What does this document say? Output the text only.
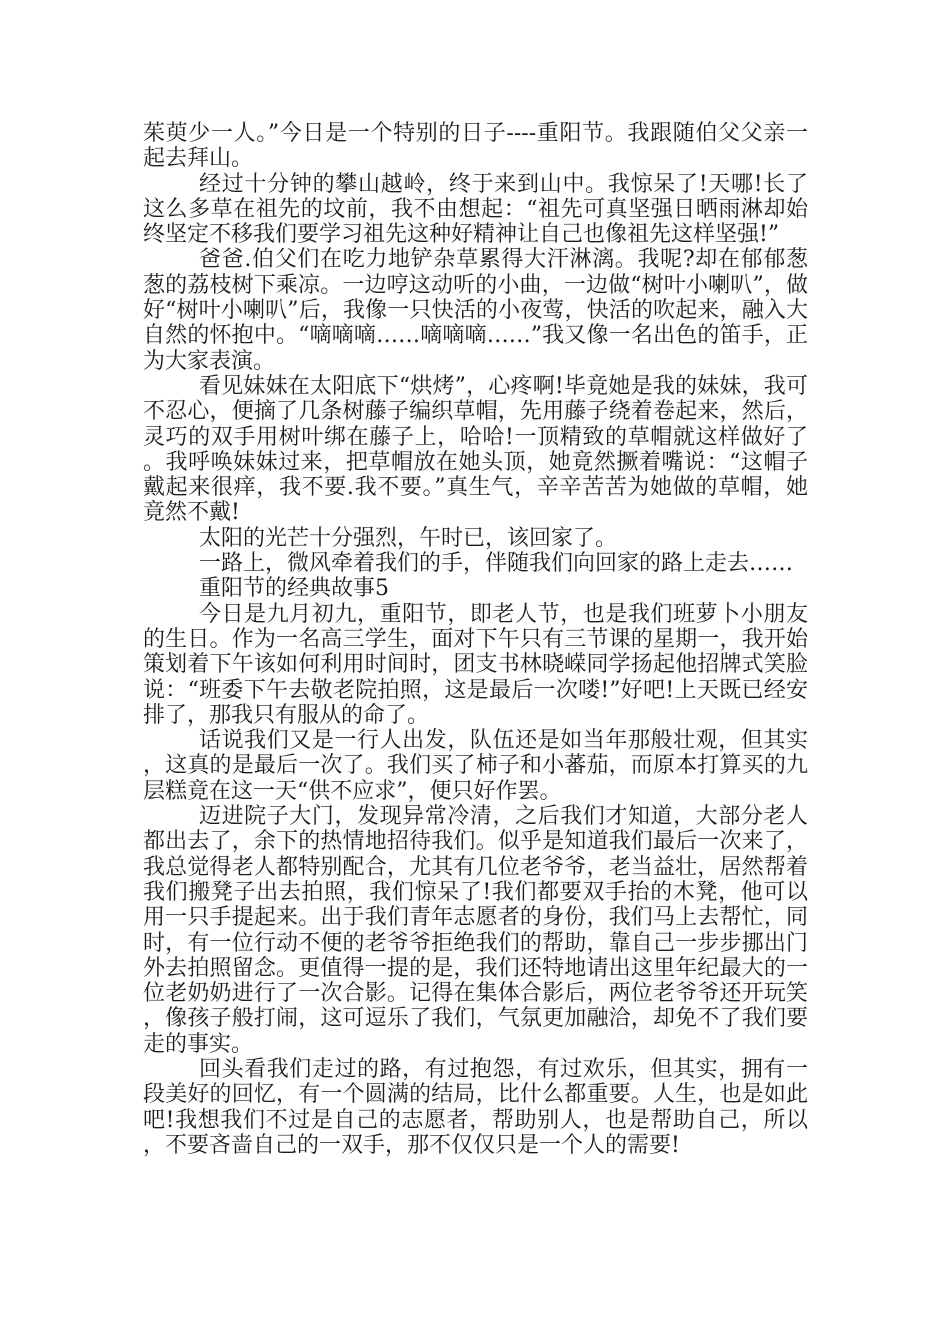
茱萸少一人。”今日是一个特别的日子----重阳节。我跟随伯父父亲一起去拜山。

经过十分钟的攀山越岭，终于来到山中。我惊呆了!天哪!长了这么多草在祖先的坟前，我不由想起：“祖先可真坚强日晒雨淋却始终坚定不移我们要学习祖先这种好精神让自己也像祖先这样坚强!”

爸爸.伯父们在吃力地铲杂草累得大汗淋漓。我呢?却在郁郁葱葱的荔枝树下乘凉。一边哼这动听的小曲，一边做“树叶小喇叭”，做好“树叶小喇叭”后，我像一只快活的小夜莺，快活的吹起来，融入大自然的怀抱中。“嘀嘀嘀……嘀嘀嘀……”我又像一名出色的笛手，正为大家表演。

看见妹妹在太阳底下“烘烤”，心疼啊!毕竟她是我的妹妹，我可不忍心，便摘了几条树藤子编织草帽，先用藤子绕着卷起来，然后，灵巧的双手用树叶绑在藤子上，哈哈!一顶精致的草帽就这样做好了。我呼唤妹妹过来，把草帽放在她头顶，她竟然撅着嘴说：“这帽子戴起来很痒，我不要.我不要。”真生气，辛辛苦苦为她做的草帽，她竟然不戴!

太阳的光芒十分强烈，午时已，该回家了。

一路上，微风牵着我们的手，伴随我们向回家的路上走去……

重阳节的经典故事5

今日是九月初九，重阳节，即老人节，也是我们班萝卜小朋友的生日。作为一名高三学生，面对下午只有三节课的星期一，我开始策划着下午该如何利用时间时，团支书林晓嵘同学扬起他招牌式笑脸说：“班委下午去敬老院拍照，这是最后一次喽!”好吧!上天既已经安排了，那我只有服从的命了。

话说我们又是一行人出发，队伍还是如当年那般壮观，但其实，这真的是最后一次了。我们买了柿子和小蕃茄，而原本打算买的九层糕竟在这一天“供不应求”，便只好作罢。

迈进院子大门，发现异常冷清，之后我们才知道，大部分老人都出去了，余下的热情地招待我们。似乎是知道我们最后一次来了，我总觉得老人都特别配合，尤其有几位老爷爷，老当益壮，居然帮着我们搬凳子出去拍照，我们惊呆了!我们都要双手抬的木凳，他可以用一只手提起来。出于我们青年志愿者的身份，我们马上去帮忙，同时，有一位行动不便的老爷爷拒绝我们的帮助，靠自己一步步挪出门外去拍照留念。更值得一提的是，我们还特地请出这里年纪最大的一位老奶奶进行了一次合影。记得在集体合影后，两位老爷爷还开玩笑，像孩子般打闹，这可逗乐了我们，气氛更加融洽，却免不了我们要走的事实。

回头看我们走过的路，有过抱怨，有过欢乐，但其实，拥有一段美好的回忆，有一个圆满的结局，比什么都重要。人生，也是如此吧!我想我们不过是自己的志愿者，帮助别人，也是帮助自己，所以，不要吝啬自己的一双手，那不仅仅只是一个人的需要!
